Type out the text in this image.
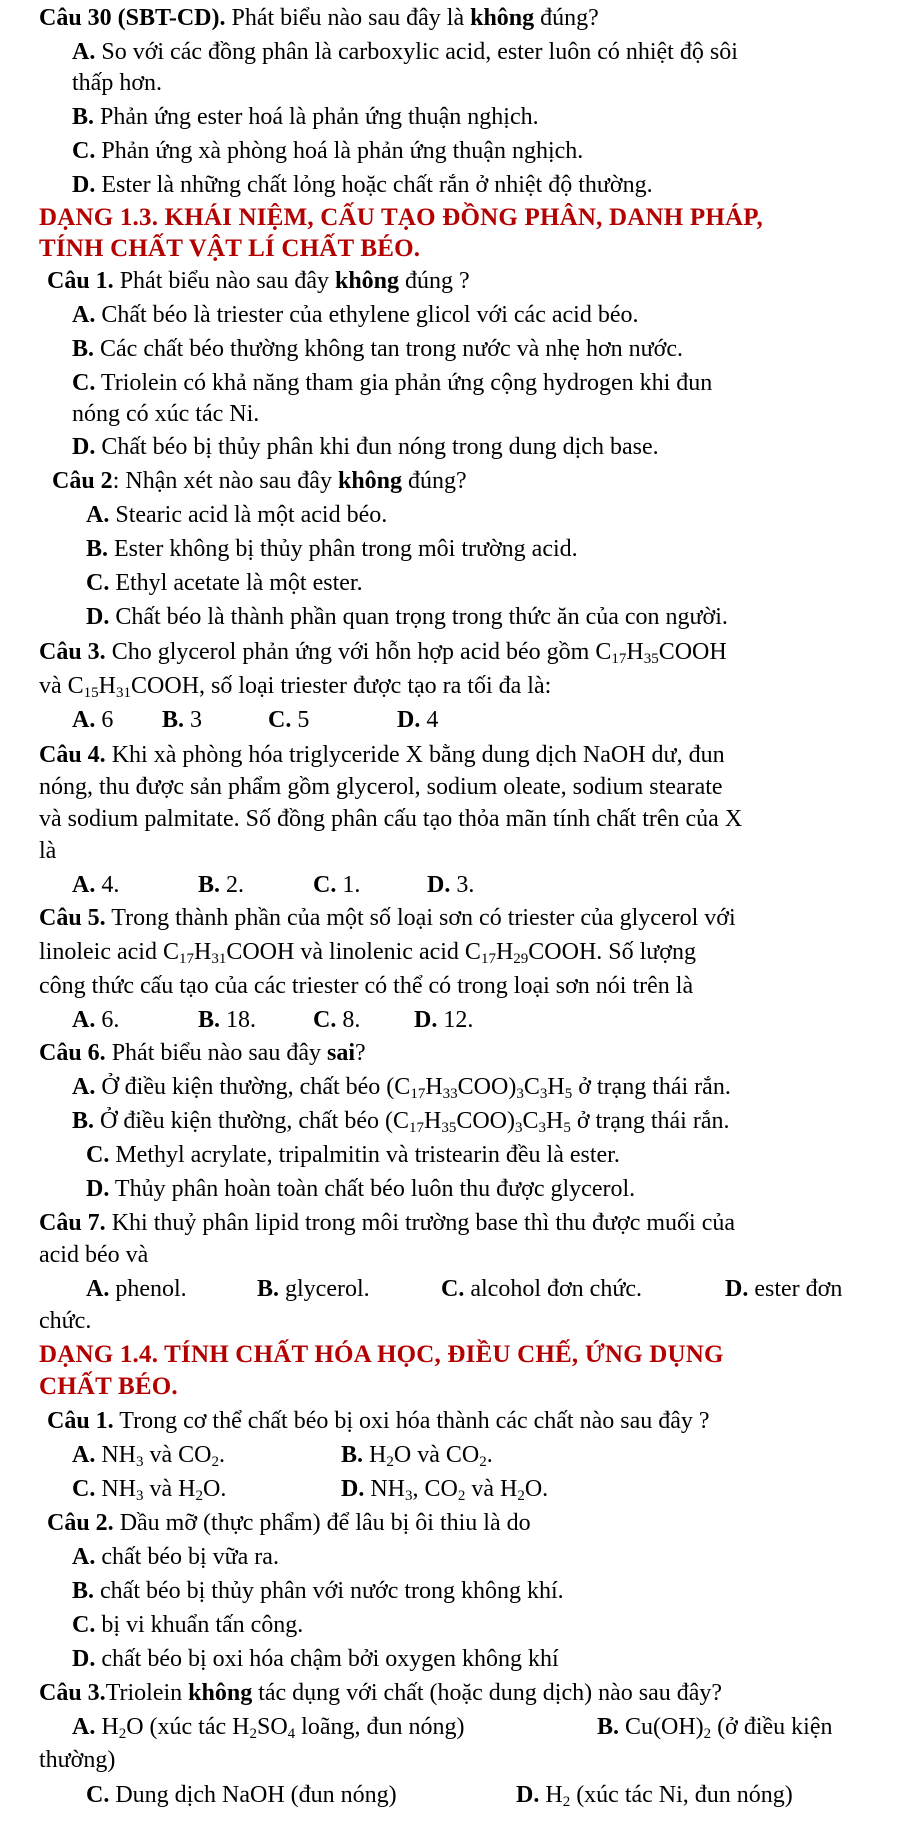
Câu 30 (SBT-CD). Phát biểu nào sau đây là không đúng?
A. So với các đồng phân là carboxylic acid, ester luôn có nhiệt độ sôi
thấp hơn.
B. Phản ứng ester hoá là phản ứng thuận nghịch.
C. Phản ứng xà phòng hoá là phản ứng thuận nghịch.
D. Ester là những chất lỏng hoặc chất rắn ở nhiệt độ thường.
DẠNG 1.3. KHÁI NIỆM, CẤU TẠO ĐỒNG PHÂN, DANH PHÁP,
TÍNH CHẤT VẬT LÍ CHẤT BÉO.
Câu 1. Phát biểu nào sau đây không đúng ?
A. Chất béo là triester của ethylene glicol với các acid béo.
B. Các chất béo thường không tan trong nước và nhẹ hơn nước.
C. Triolein có khả năng tham gia phản ứng cộng hydrogen khi đun
nóng có xúc tác Ni.
D. Chất béo bị thủy phân khi đun nóng trong dung dịch base.
Câu 2: Nhận xét nào sau đây không đúng?
A. Stearic acid là một acid béo.
B. Ester không bị thủy phân trong môi trường acid.
C. Ethyl acetate là một ester.
D. Chất béo là thành phần quan trọng trong thức ăn của con người.
Câu 3. Cho glycerol phản ứng với hỗn hợp acid béo gồm $C_{17}H_{35}COOH$
và $C_{15}H_{31}COOH$, số loại triester được tạo ra tối đa là:
A. 6 B. 3	C. 5	D. 4
Câu 4. Khi xà phòng hóa triglyceride X bằng dung dịch NaOH dư, đun
nóng, thu được sản phẩm gồm glycerol, sodium oleate, sodium stearate
và sodium palmitate. Số đồng phân cấu tạo thỏa mãn tính chất trên của X
là
A. 4.	B. 2.	C. 1.	D. 3.
Câu 5. Trong thành phần của một số loại sơn có triester của glycerol với
linoleic acid $C_{17}H_{31}COOH$ và linolenic acid $C_{17}H_{29}COOH$. Số lượng
công thức cấu tạo của các triester có thể có trong loại sơn nói trên là
A. 6.	B. 18. C. 8. D. 12.
Câu 6. Phát biểu nào sau đây sai?
A. Ở điều kiện thường, chất béo $(C_{17}H_{33}COO)_3C_3H_5$ ở trạng thái rắn.
B. Ở điều kiện thường, chất béo $(C_{17}H_{35}COO)_3C_3H_5$ ở trạng thái rắn.
C. Methyl acrylate, tripalmitin và tristearin đều là ester.
D. Thủy phân hoàn toàn chất béo luôn thu được glycerol.
Câu 7. Khi thuỷ phân lipid trong môi trường base thì thu được muối của
acid béo và
A. phenol.	B. glycerol.	C. alcohol đơn chức.	D. ester đơn
chức.
DẠNG 1.4. TÍNH CHẤT HÓA HỌC, ĐIỀU CHẾ, ỨNG DỤNG
CHẤT BÉO.
Câu 1. Trong cơ thể chất béo bị oxi hóa thành các chất nào sau đây ?
A. $NH_3$ và $CO_2$.	B. $H_2O$ và $CO_2$.
C. $NH_3$ và $H_2O$.	D. $NH_3$, $CO_2$ và $H_2O$.
Câu 2. Dầu mỡ (thực phẩm) để lâu bị ôi thiu là do
A. chất béo bị vữa ra.
B. chất béo bị thủy phân với nước trong không khí.
C. bị vi khuẩn tấn công.
D. chất béo bị oxi hóa chậm bởi oxygen không khí
Câu 3.Triolein không tác dụng với chất (hoặc dung dịch) nào sau đây?
A. $H_2O$ (xúc tác $H_2SO_4$ loãng, đun nóng)	B. $Cu(OH)_2$ (ở điều kiện
thường)
C. Dung dịch NaOH (đun nóng)	D. $H_2$ (xúc tác Ni, đun nóng)
